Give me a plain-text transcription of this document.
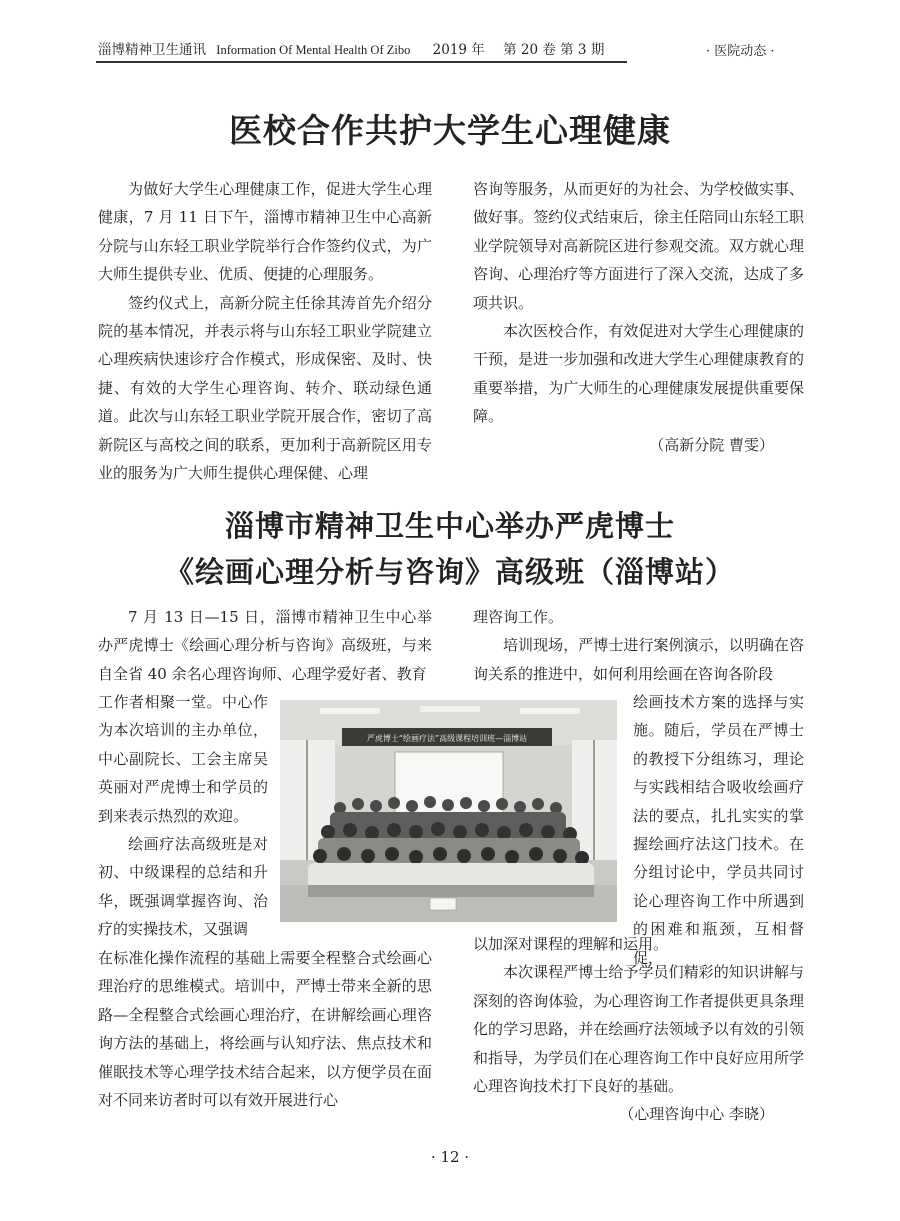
淄博精神卫生通讯 Information Of Mental Health Of Zibo 2019 年 第 20 卷 第 3 期	· 医院动态 ·
医校合作共护大学生心理健康

为做好大学生心理健康工作，促进大学生心理健康，7 月 11 日下午，淄博市精神卫生中心高新分院与山东轻工职业学院举行合作签约仪式，为广大师生提供专业、优质、便捷的心理服务。

签约仪式上，高新分院主任徐其涛首先介绍分院的基本情况，并表示将与山东轻工职业学院建立心理疾病快速诊疗合作模式，形成保密、及时、快捷、有效的大学生心理咨询、转介、联动绿色通道。此次与山东轻工职业学院开展合作，密切了高新院区与高校之间的联系，更加利于高新院区用专业的服务为广大师生提供心理保健、心理

咨询等服务，从而更好的为社会、为学校做实事、做好事。签约仪式结束后，徐主任陪同山东轻工职业学院领导对高新院区进行参观交流。双方就心理咨询、心理治疗等方面进行了深入交流，达成了多项共识。

本次医校合作，有效促进对大学生心理健康的干预，是进一步加强和改进大学生心理健康教育的重要举措，为广大师生的心理健康发展提供重要保障。

（高新分院 曹雯）

淄博市精神卫生中心举办严虎博士
《绘画心理分析与咨询》高级班（淄博站）

7 月 13 日—15 日，淄博市精神卫生中心举办严虎博士《绘画心理分析与咨询》高级班，与来自全省 40 余名心理咨询师、心理学爱好者、教育

工作者相聚一堂。中心作为本次培训的主办单位，中心副院长、工会主席吴英丽对严虎博士和学员的到来表示热烈的欢迎。

绘画疗法高级班是对初、中级课程的总结和升华，既强调掌握咨询、治疗的实操技术，又强调

在标准化操作流程的基础上需要全程整合式绘画心理治疗的思维模式。培训中，严博士带来全新的思路—全程整合式绘画心理治疗，在讲解绘画心理咨询方法的基础上，将绘画与认知疗法、焦点技术和催眠技术等心理学技术结合起来，以方便学员在面对不同来访者时可以有效开展进行心

理咨询工作。

培训现场，严博士进行案例演示，以明确在咨询关系的推进中，如何利用绘画在咨询各阶段

绘画技术方案的选择与实施。随后，学员在严博士的教授下分组练习，理论与实践相结合吸收绘画疗法的要点，扎扎实实的掌握绘画疗法这门技术。在分组讨论中，学员共同讨论心理咨询工作中所遇到的困难和瓶颈，互相督促，

以加深对课程的理解和运用。

本次课程严博士给予学员们精彩的知识讲解与深刻的咨询体验，为心理咨询工作者提供更具条理化的学习思路，并在绘画疗法领域予以有效的引领和指导，为学员们在心理咨询工作中良好应用所学心理咨询技术打下良好的基础。

（心理咨询中心 李晓）

严虎博士“绘画疗法”高级课程培训班—淄博站
· 12 ·
